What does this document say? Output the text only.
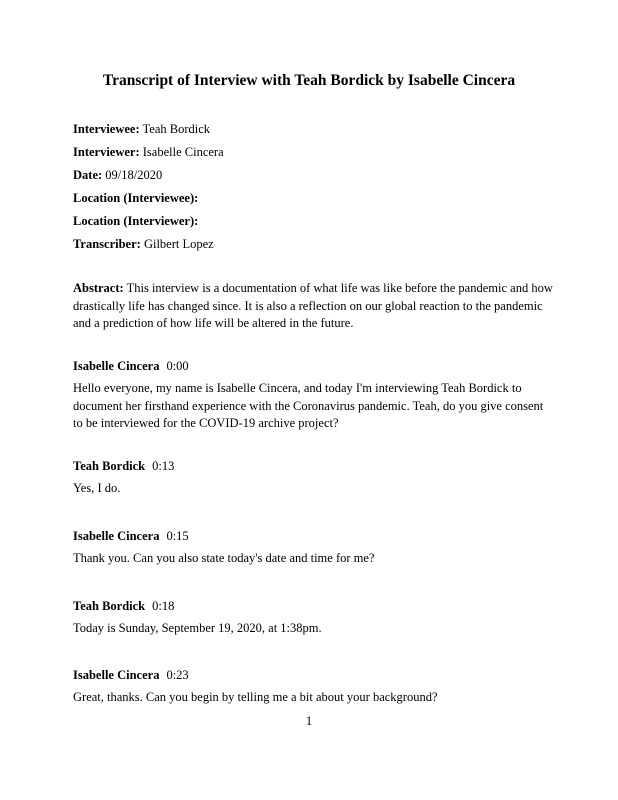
Transcript of Interview with Teah Bordick by Isabelle Cincera
Interviewee: Teah Bordick
Interviewer: Isabelle Cincera
Date: 09/18/2020
Location (Interviewee):
Location (Interviewer):
Transcriber: Gilbert Lopez
Abstract: This interview is a documentation of what life was like before the pandemic and how drastically life has changed since. It is also a reflection on our global reaction to the pandemic and a prediction of how life will be altered in the future.
Isabelle Cincera 0:00
Hello everyone, my name is Isabelle Cincera, and today I'm interviewing Teah Bordick to document her firsthand experience with the Coronavirus pandemic. Teah, do you give consent to be interviewed for the COVID-19 archive project?
Teah Bordick 0:13
Yes, I do.
Isabelle Cincera 0:15
Thank you. Can you also state today's date and time for me?
Teah Bordick 0:18
Today is Sunday, September 19, 2020, at 1:38pm.
Isabelle Cincera 0:23
Great, thanks. Can you begin by telling me a bit about your background?
1
